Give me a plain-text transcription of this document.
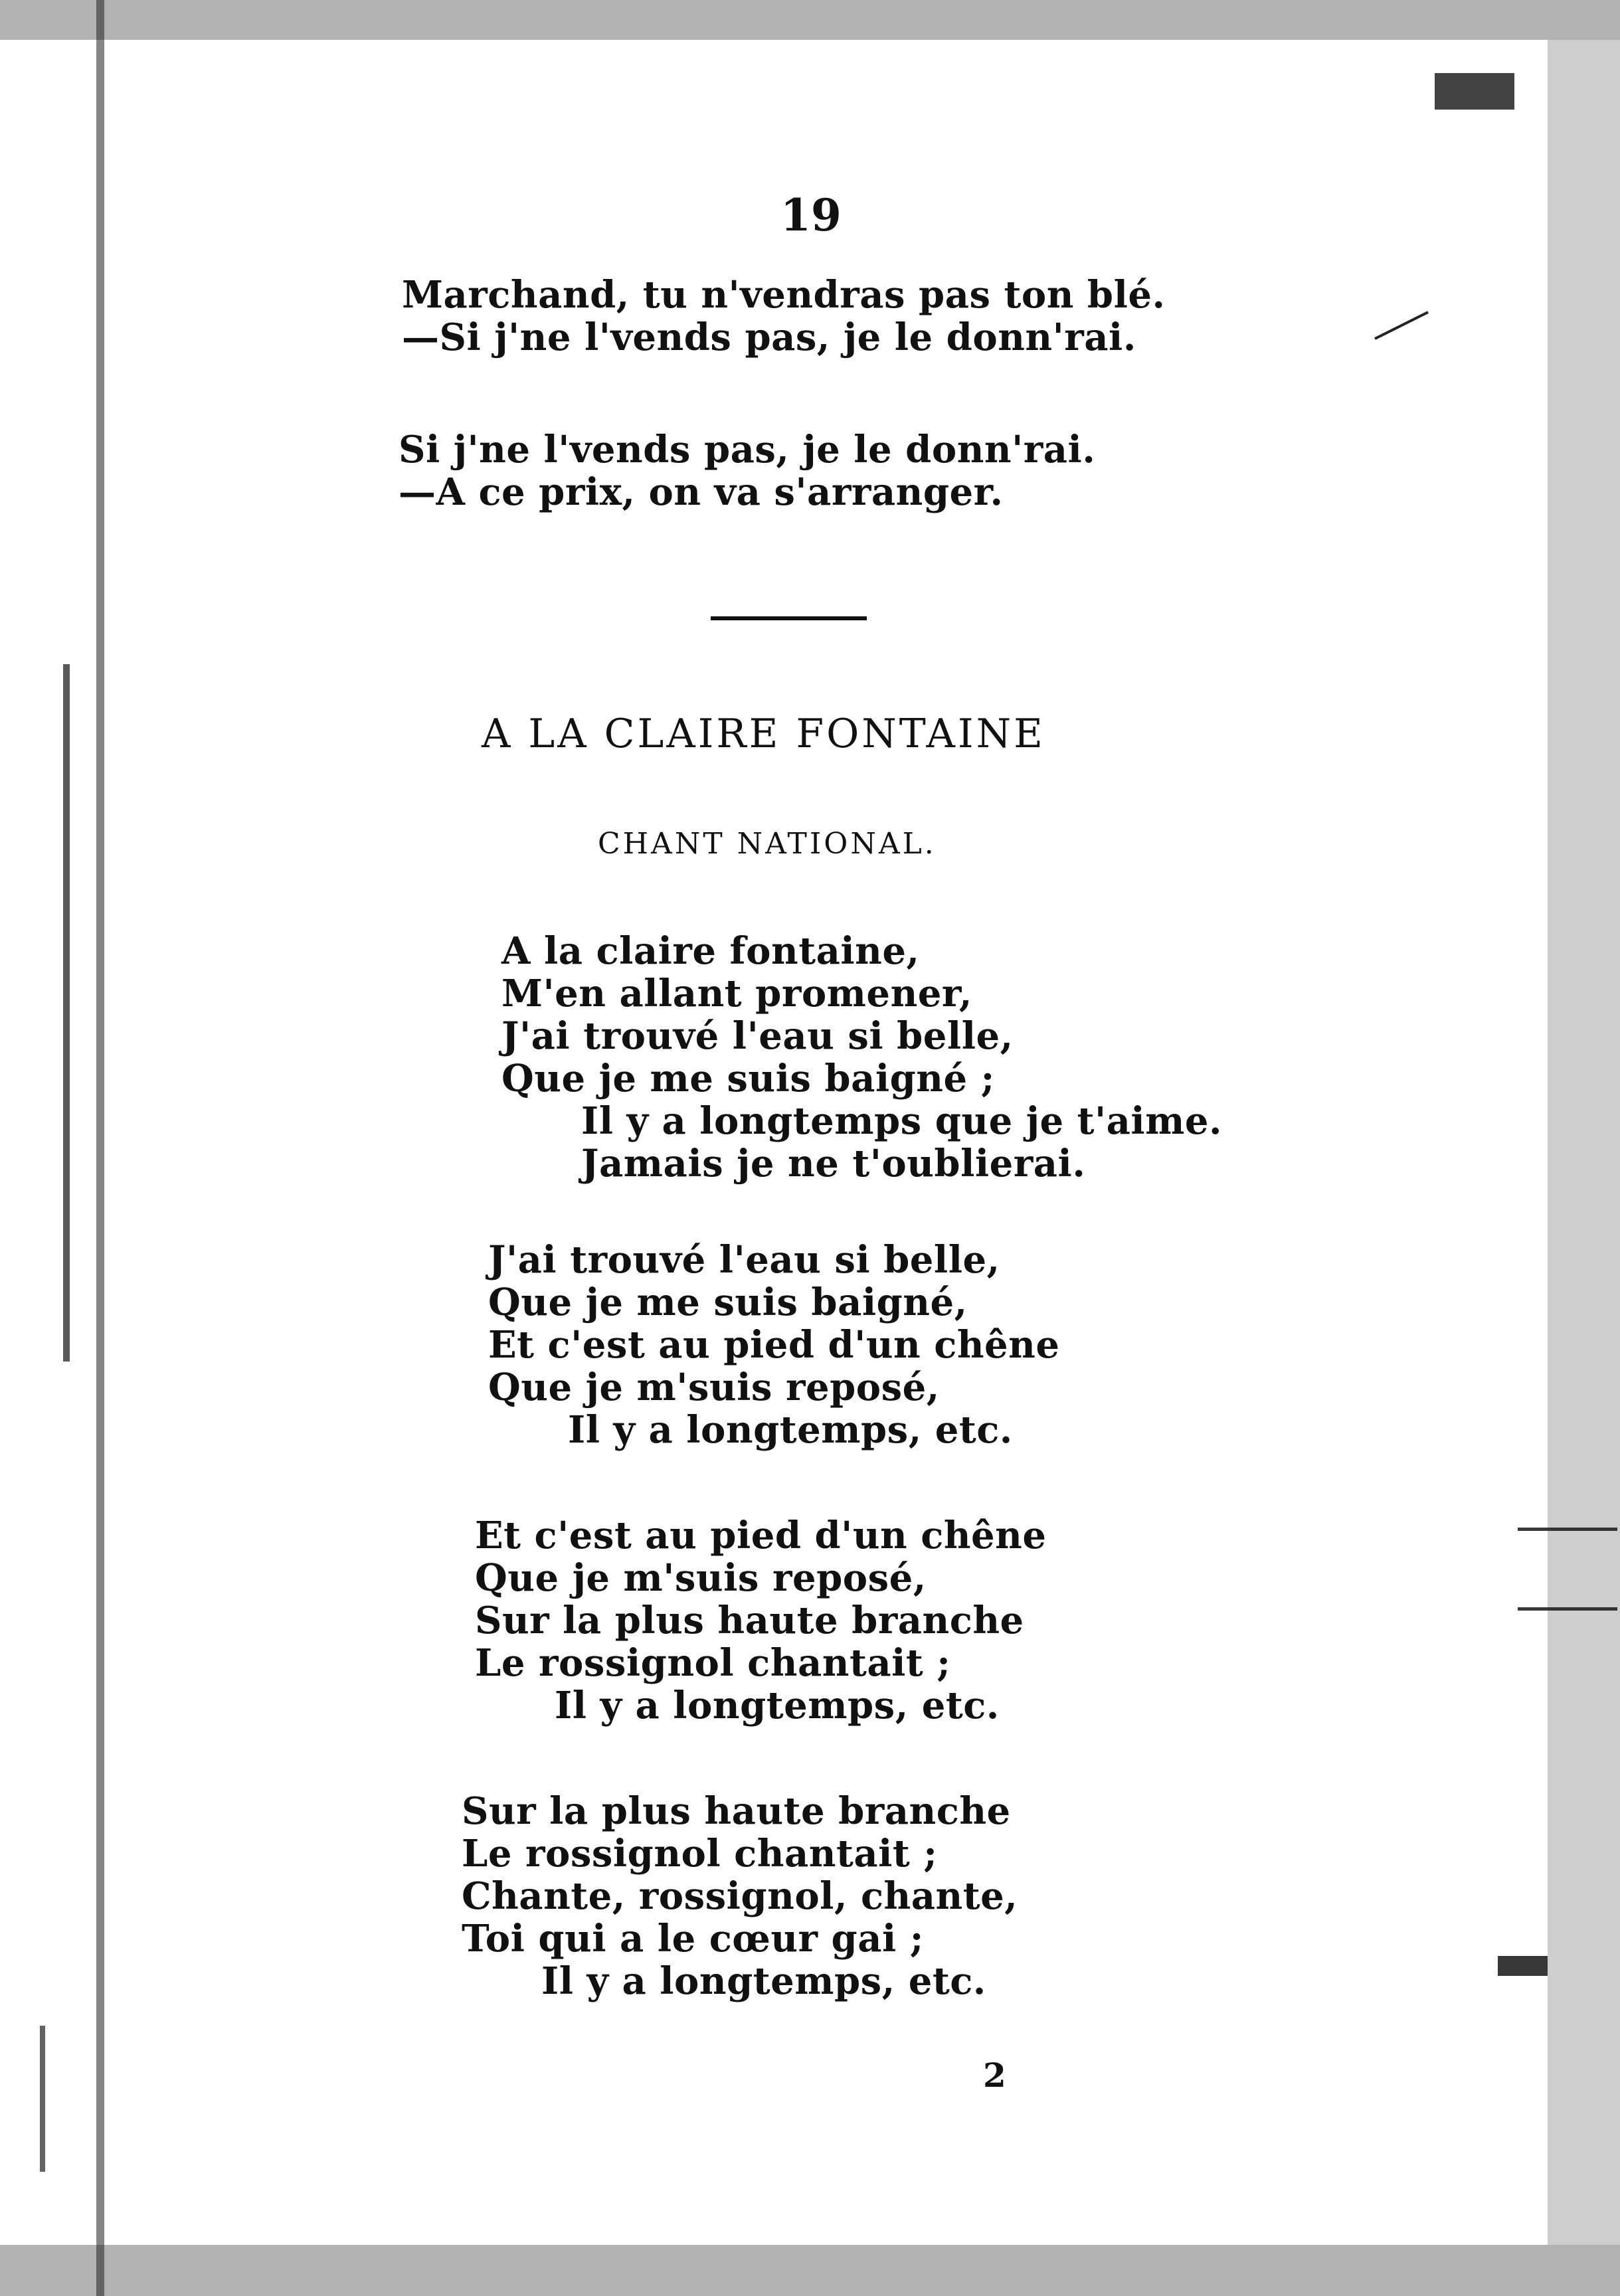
19
Marchand, tu n'vendras pas ton blé.
—Si j'ne l'vends pas, je le donn'rai.
Si j'ne l'vends pas, je le donn'rai.
—A ce prix, on va s'arranger.
A LA CLAIRE FONTAINE
CHANT NATIONAL.
A la claire fontaine,
M'en allant promener,
J'ai trouvé l'eau si belle,
Que je me suis baigné ;
Il y a longtemps que je t'aime.
Jamais je ne t'oublierai.
J'ai trouvé l'eau si belle,
Que je me suis baigné,
Et c'est au pied d'un chêne
Que je m'suis reposé,
Il y a longtemps, etc.
Et c'est au pied d'un chêne
Que je m'suis reposé,
Sur la plus haute branche
Le rossignol chantait ;
Il y a longtemps, etc.
Sur la plus haute branche
Le rossignol chantait ;
Chante, rossignol, chante,
Toi qui a le cœur gai ;
Il y a longtemps, etc.
2
